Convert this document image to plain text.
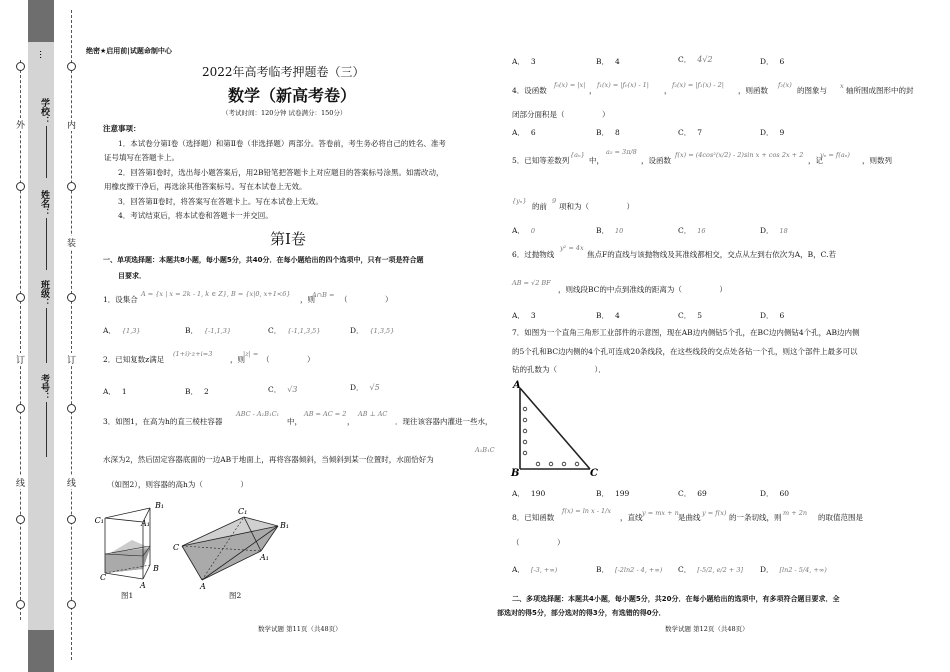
外
订
线
内
装
订
线
…
学校：
姓名：
班级：
考号：
绝密★启用前|试题命制中心
2022年高考临考押题卷（三）
数学（新高考卷）
（考试时间：120分钟 试卷满分：150分）
注意事项：
1．本试卷分第Ⅰ卷（选择题）和第Ⅱ卷（非选择题）两部分。答卷前，考生务必将自己的姓名、准考
证号填写在答题卡上。
2．回答第Ⅰ卷时，选出每小题答案后，用2B铅笔把答题卡上对应题目的答案标号涂黑。如需改动，
用橡皮擦干净后，再选涂其他答案标号。写在本试卷上无效。
3．回答第Ⅱ卷时，将答案写在答题卡上。写在本试卷上无效。
4．考试结束后，将本试卷和答题卡一并交回。
第Ⅰ卷
一、单项选择题：本题共8小题，每小题5分，共40分．在每小题给出的四个选项中，只有一项是符合题
目要求．
1．设集合
A = {x | x = 2k - 1, k ∈ Z}, B = {x|0, x+1<6}
，则
A∩B = （　　　　　）
A． {1,3}	B． {-1,1,3}	C． {-1,1,3,5}	D． {1,3,5}
2．已知复数z满足
(1+i)·z+i=3
，则
|z| =
（　　　　　）
A． 1	B． 2	C． √3	D． √5
3．如图1，在高为h的直三棱柱容器
ABC - A₁B₁C₁
中，
AB = AC = 2
，
AB ⊥ AC
．现往该容器内灌进一些水，
水深为2，然后固定容器底面的一边AB于地面上，再将容器倾斜，当倾斜到某一位置时，水面恰好为
A₁B₁C
（如图2），则容器的高h为（　　　　　）
B₁
C₁	A₁
C
A
B
图1
C₁
B₁
C
A₁
A
图2
数学试题 第11页（共48页）
A． 3	B． 4	C． 4√2	D． 6
4．设函数
f₀(x) = |x|
，
f₁(x) = |f₀(x) - 1|
，
f₂(x) = |f₁(x) - 2|
，则函数
f₂(x)
的图象与 x 轴所围成图形中的封
闭部分面积是（　　　　　）
A． 6	B． 8	C． 7	D． 9
5．已知等差数列
{aₙ}
中，
a₅ = 3π/8
，设函数
f(x) = (4cos²(x/2) - 2)sin x + cos 2x + 2
，记
yₙ = f(aₙ)
，则数列
{yₙ}
的前
9
项和为（　　　　　）
A． 0	B． 10	C． 16	D． 18
6．过抛物线
y² = 4x
焦点F的直线与该抛物线及其准线都相交，交点从左到右依次为A，B，C.若
AB = √2 BF
，则线段BC的中点到准线的距离为（　　　　　）
A． 3	B． 4	C． 5	D． 6
7．如图为一个直角三角形工业部件的示意图，现在AB边内侧钻5个孔，在BC边内侧钻4个孔，AB边内侧
的5个孔和BC边内侧的4个孔可连成20条线段，在这些线段的交点处各钻一个孔，则这个部件上最多可以
钻的孔数为（　　　　　）．
A
B	C
A． 190	B． 199	C． 69	D． 60
8．已知函数
f(x) = ln x - 1/x
，直线 y = mx + n 是曲线 y = f(x) 的一条切线，则 m + 2n 的取值范围是
（　　　　　）
A． [-3, +∞)	B． [-2ln2 - 4, +∞) C． [-5/2, e/2 + 3] D． [ln2 - 5/4, +∞)
二、多项选择题：本题共4小题，每小题5分，共20分．在每小题给出的选项中，有多项符合题目要求．全
部选对的得5分，部分选对的得3分，有选错的得0分．
数学试题 第12页（共48页）
